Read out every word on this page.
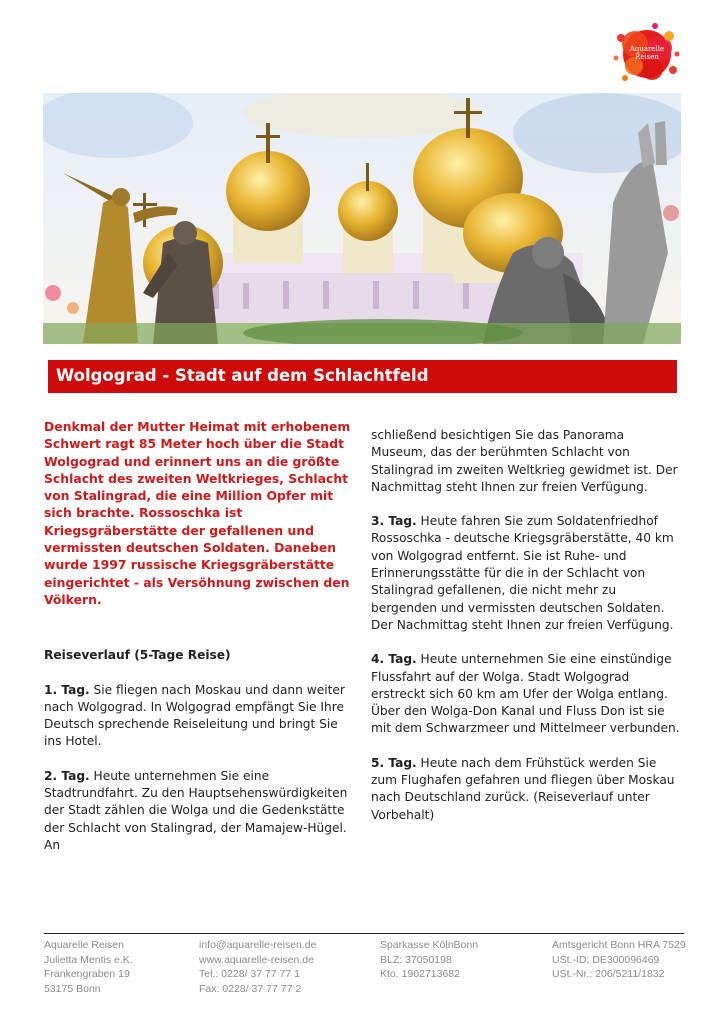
Aquarelle
Reisen
Wolgograd - Stadt auf dem Schlachtfeld
Denkmal der Mutter Heimat mit erhobenem Schwert ragt 85 Meter hoch über die Stadt Wolgograd und erinnert uns an die größte Schlacht des zweiten Weltkrieges, Schlacht von Stalingrad, die eine Million Opfer mit sich brachte. Rossoschka ist Kriegsgräberstätte der gefallenen und vermissten deutschen Soldaten. Daneben wurde 1997 russische Kriegsgräberstätte eingerichtet - als Versöhnung zwischen den Völkern.
Reiseverlauf (5-Tage Reise)
1. Tag. Sie fliegen nach Moskau und dann weiter nach Wolgograd. In Wolgograd empfängt Sie Ihre Deutsch sprechende Reiseleitung und bringt Sie ins Hotel.
2. Tag. Heute unternehmen Sie eine Stadtrundfahrt. Zu den Hauptsehenswürdigkeiten der Stadt zählen die Wolga und die Gedenkstätte der Schlacht von Stalingrad, der Mamajew-Hügel. An
schließend besichtigen Sie das Panorama Museum, das der berühmten Schlacht von Stalingrad im zweiten Weltkrieg gewidmet ist. Der Nachmittag steht Ihnen zur freien Verfügung.
3. Tag. Heute fahren Sie zum Soldatenfriedhof Rossoschka - deutsche Kriegsgräberstätte, 40 km von Wolgograd entfernt. Sie ist Ruhe- und Erinnerungsstätte für die in der Schlacht von Stalingrad gefallenen, die nicht mehr zu bergenden und vermissten deutschen Soldaten. Der Nachmittag steht Ihnen zur freien Verfügung.
4. Tag. Heute unternehmen Sie eine einstündige Flussfahrt auf der Wolga. Stadt Wolgograd erstreckt sich 60 km am Ufer der Wolga entlang. Über den Wolga-Don Kanal und Fluss Don ist sie mit dem Schwarzmeer und Mittelmeer verbunden.
5. Tag. Heute nach dem Frühstück werden Sie zum Flughafen gefahren und fliegen über Moskau nach Deutschland zurück. (Reiseverlauf unter Vorbehalt)
Aquarelle Reisen
Julietta Mentis e.K.
Frankengraben 19
53175 Bonn
info@aquarelle-reisen.de
www.aquarelle-reisen.de
Tel.: 0228/ 37 77 77 1
Fax: 0228/ 37 77 77 2
Sparkasse KölnBonn
BLZ: 37050198
Kto. 1902713682
Amtsgericht Bonn HRA 7529
USt.-ID: DE300096469
USt.-Nr.: 206/5211/1832
